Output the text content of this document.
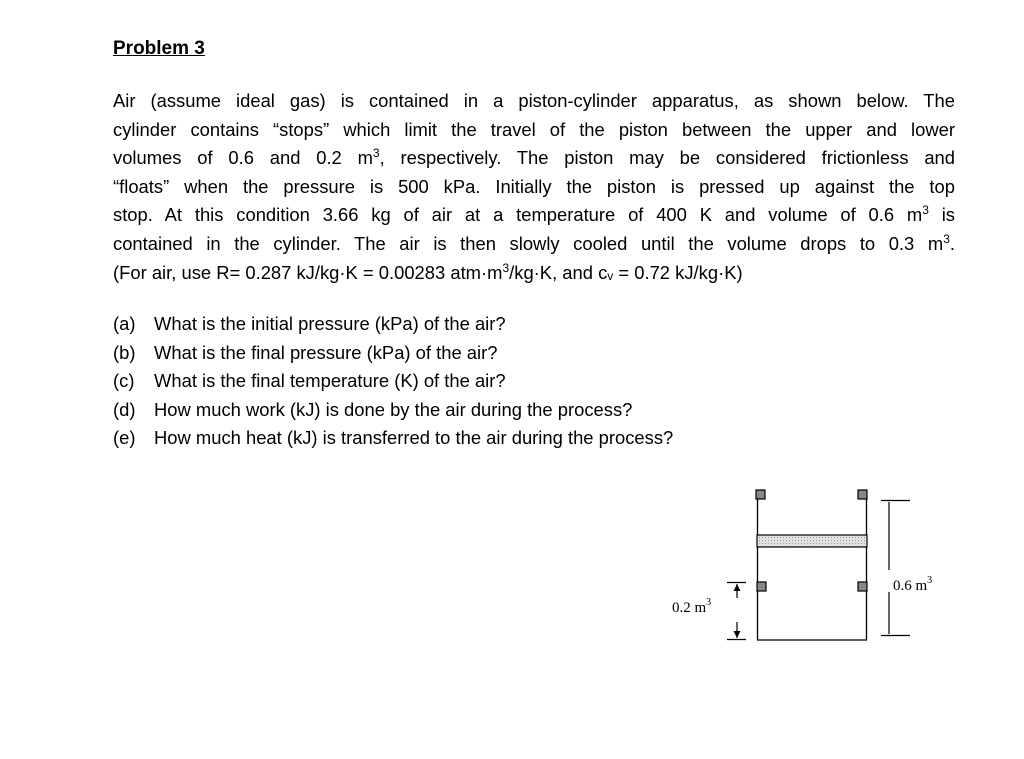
Problem 3
Air (assume ideal gas) is contained in a piston-cylinder apparatus, as shown below. The
cylinder contains “stops” which limit the travel of the piston between the upper and lower
volumes of 0.6 and 0.2 $m^3$, respectively. The piston may be considered frictionless and
“floats” when the pressure is 500 kPa. Initially the piston is pressed up against the top
stop. At this condition 3.66 kg of air at a temperature of 400 K and volume of 0.6 $m^3$ is
contained in the cylinder. The air is then slowly cooled until the volume drops to 0.3 $m^3$.
(For air, use R= 0.287 kJ/kg·K = 0.00283 $atm\cdot m^3/kg\cdot K$, and $c_v = 0.72$ kJ/kg·K)
(a) What is the initial pressure (kPa) of the air?
(b) What is the final pressure (kPa) of the air?
(c) What is the final temperature (K) of the air?
(d) How much work (kJ) is done by the air during the process?
(e) How much heat (kJ) is transferred to the air during the process?
0.2 $m^3$
0.6 $m^3$
